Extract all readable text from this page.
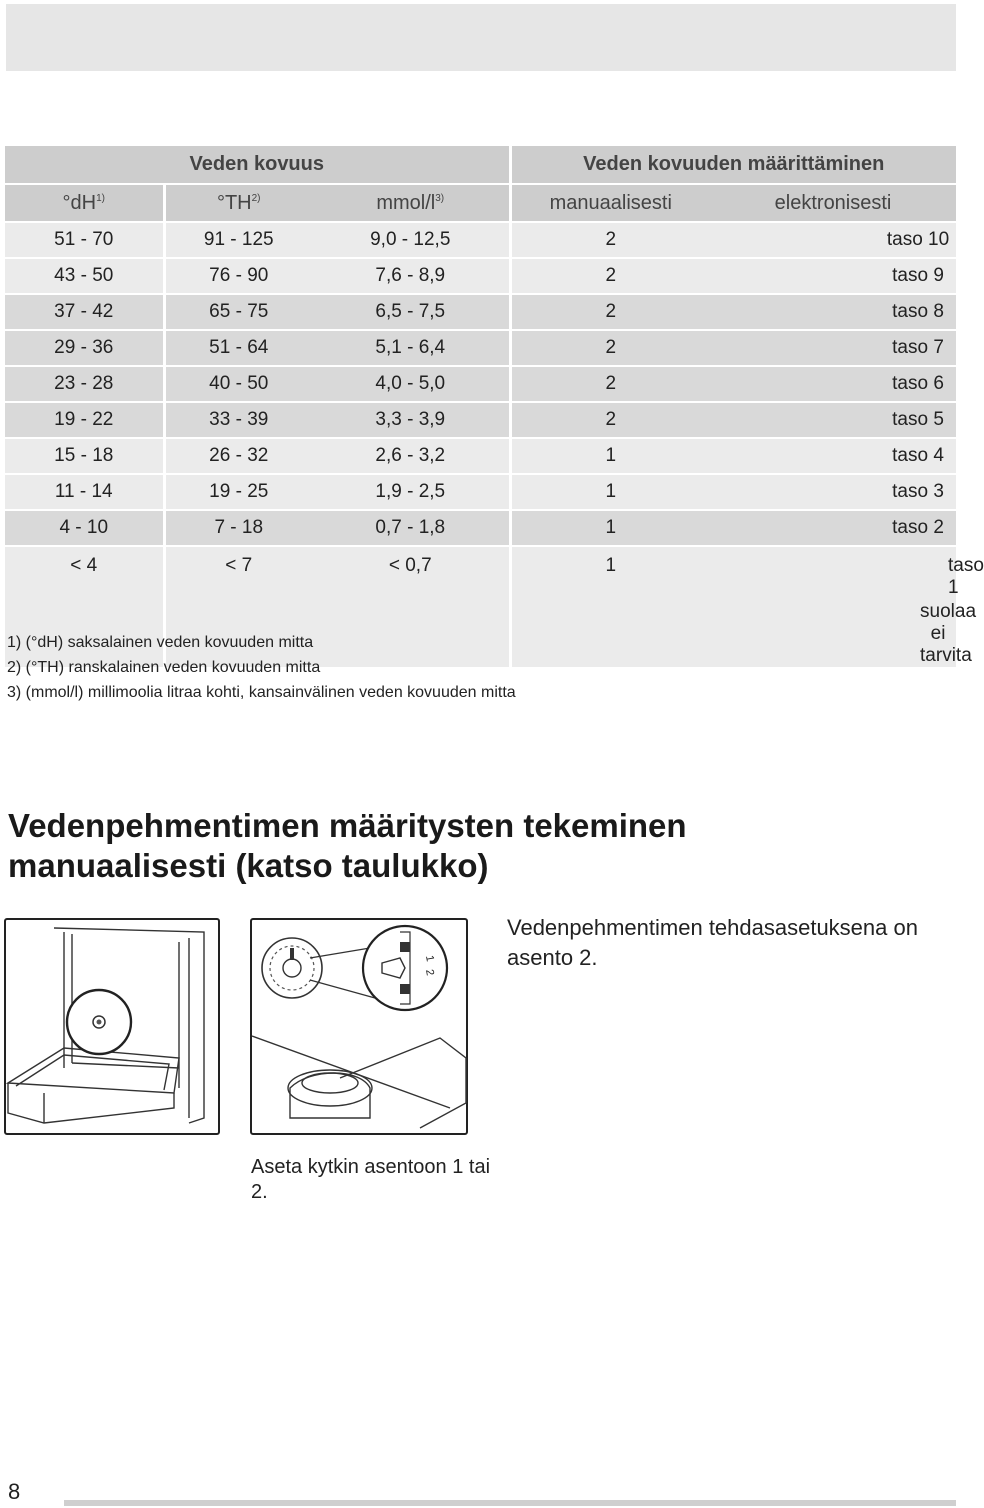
Veden kovuus			Veden kovuuden määrittäminen	
$^\circ dH^{1)}$	°TH$^{2)}$	mmol/$l^{3)}$	manuaalisesti	elektronisesti
51 - 70	91 - 125	9,0 - 12,5	2	taso 10
43 - 50	76 - 90	7,6 - 8,9	2	taso 9
37 - 42	65 - 75	6,5 - 7,5	2	taso 8
29 - 36	51 - 64	5,1 - 6,4	2	taso 7
23 - 28	40 - 50	4,0 - 5,0	2	taso 6
19 - 22	33 - 39	3,3 - 3,9	2	taso 5
15 - 18	26 - 32	2,6 - 3,2	1	taso 4
11 - 14	19 - 25	1,9 - 2,5	1	taso 3
4 - 10	7 - 18	0,7 - 1,8	1	taso 2
< 4	< 7	< 0,7	1	taso 1
suolaa ei tarvita
1) (°dH) saksalainen veden kovuuden mitta
2) (°TH) ranskalainen veden kovuuden mitta
3) (mmol/l) millimoolia litraa kohti, kansainvälinen veden kovuuden mitta
Vedenpehmentimen määritysten tekeminen manuaalisesti (katso taulukko)
1
2
Vedenpehmentimen tehdasasetuksena on asento 2.
Aseta kytkin asentoon 1 tai 2.
8
